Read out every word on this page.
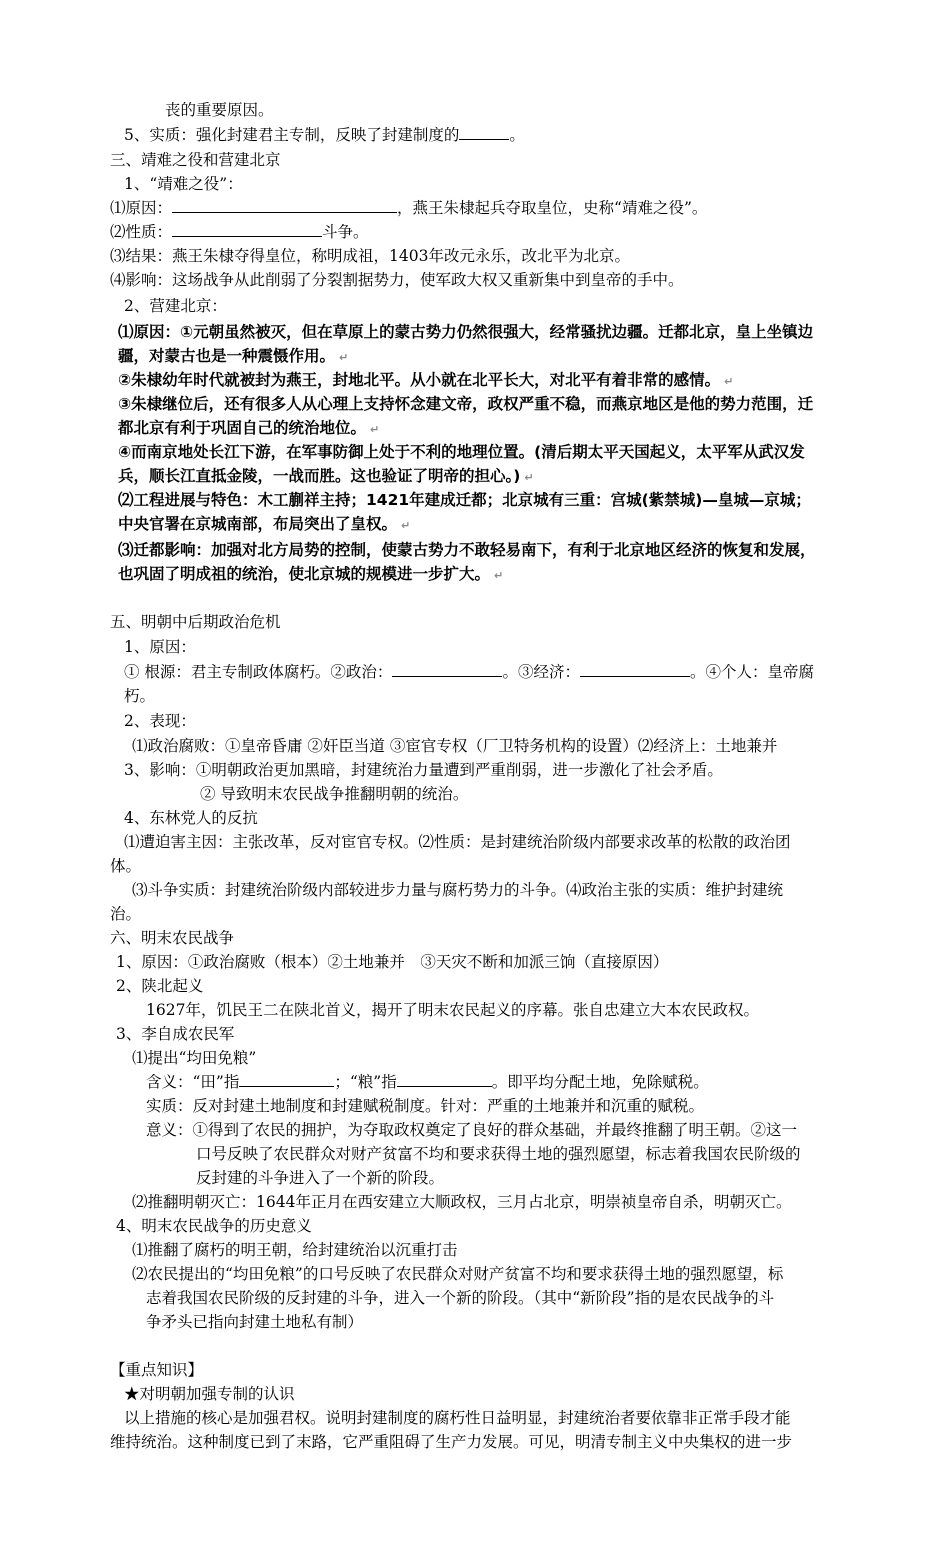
丧的重要原因。
5、实质：强化封建君主专制，反映了封建制度的	。
三、靖难之役和营建北京
1、“靖难之役”：
⑴原因：	，燕王朱棣起兵夺取皇位，史称“靖难之役”。
⑵性质：	斗争。
⑶结果：燕王朱棣夺得皇位，称明成祖，1403年改元永乐，改北平为北京。
⑷影响：这场战争从此削弱了分裂割据势力，使军政大权又重新集中到皇帝的手中。
2、营建北京：
⑴原因：①元朝虽然被灭，但在草原上的蒙古势力仍然很强大，经常骚扰边疆。迁都北京，皇上坐镇边
疆，对蒙古也是一种震慑作用。 ↵
②朱棣幼年时代就被封为燕王，封地北平。从小就在北平长大，对北平有着非常的感情。 ↵
③朱棣继位后，还有很多人从心理上支持怀念建文帝，政权严重不稳，而燕京地区是他的势力范围，迁
都北京有利于巩固自己的统治地位。 ↵
④而南京地处长江下游，在军事防御上处于不利的地理位置。(清后期太平天国起义，太平军从武汉发
兵，顺长江直抵金陵，一战而胜。这也验证了明帝的担心。) ↵
⑵工程进展与特色：木工蒯祥主持；1421年建成迁都；北京城有三重：宫城(紫禁城)—皇城—京城；
中央官署在京城南部，布局突出了皇权。 ↵
⑶迁都影响：加强对北方局势的控制，使蒙古势力不敢轻易南下，有利于北京地区经济的恢复和发展，
也巩固了明成祖的统治，使北京城的规模进一步扩大。 ↵
五、明朝中后期政治危机
1、原因：
① 根源：君主专制政体腐朽。②政治：	。③经济：	。④个人：皇帝腐
朽。
2、表现：
⑴政治腐败：①皇帝昏庸 ②奸臣当道 ③宦官专权（厂卫特务机构的设置）⑵经济上：土地兼并
3、影响：①明朝政治更加黑暗，封建统治力量遭到严重削弱，进一步激化了社会矛盾。
② 导致明末农民战争推翻明朝的统治。
4、东林党人的反抗
⑴遭迫害主因：主张改革，反对宦官专权。⑵性质：是封建统治阶级内部要求改革的松散的政治团
体。
⑶斗争实质：封建统治阶级内部较进步力量与腐朽势力的斗争。⑷政治主张的实质：维护封建统
治。
六、明末农民战争
1、原因：①政治腐败（根本）②土地兼并　③天灾不断和加派三饷（直接原因）
2、陕北起义
1627年，饥民王二在陕北首义，揭开了明末农民起义的序幕。张自忠建立大本农民政权。
3、李自成农民军
⑴提出“均田免粮”
含义：“田”指	；“粮”指	。即平均分配土地，免除赋税。
实质：反对封建土地制度和封建赋税制度。针对：严重的土地兼并和沉重的赋税。
意义：①得到了农民的拥护，为夺取政权奠定了良好的群众基础，并最终推翻了明王朝。②这一
口号反映了农民群众对财产贫富不均和要求获得土地的强烈愿望，标志着我国农民阶级的
反封建的斗争进入了一个新的阶段。
⑵推翻明朝灭亡：1644年正月在西安建立大顺政权，三月占北京，明崇祯皇帝自杀，明朝灭亡。
4、明末农民战争的历史意义
⑴推翻了腐朽的明王朝，给封建统治以沉重打击
⑵农民提出的“均田免粮”的口号反映了农民群众对财产贫富不均和要求获得土地的强烈愿望，标
志着我国农民阶级的反封建的斗争，进入一个新的阶段。（其中“新阶段”指的是农民战争的斗
争矛头已指向封建土地私有制）
【重点知识】
★对明朝加强专制的认识
以上措施的核心是加强君权。说明封建制度的腐朽性日益明显，封建统治者要依靠非正常手段才能
维持统治。这种制度已到了末路，它严重阻碍了生产力发展。可见，明清专制主义中央集权的进一步
